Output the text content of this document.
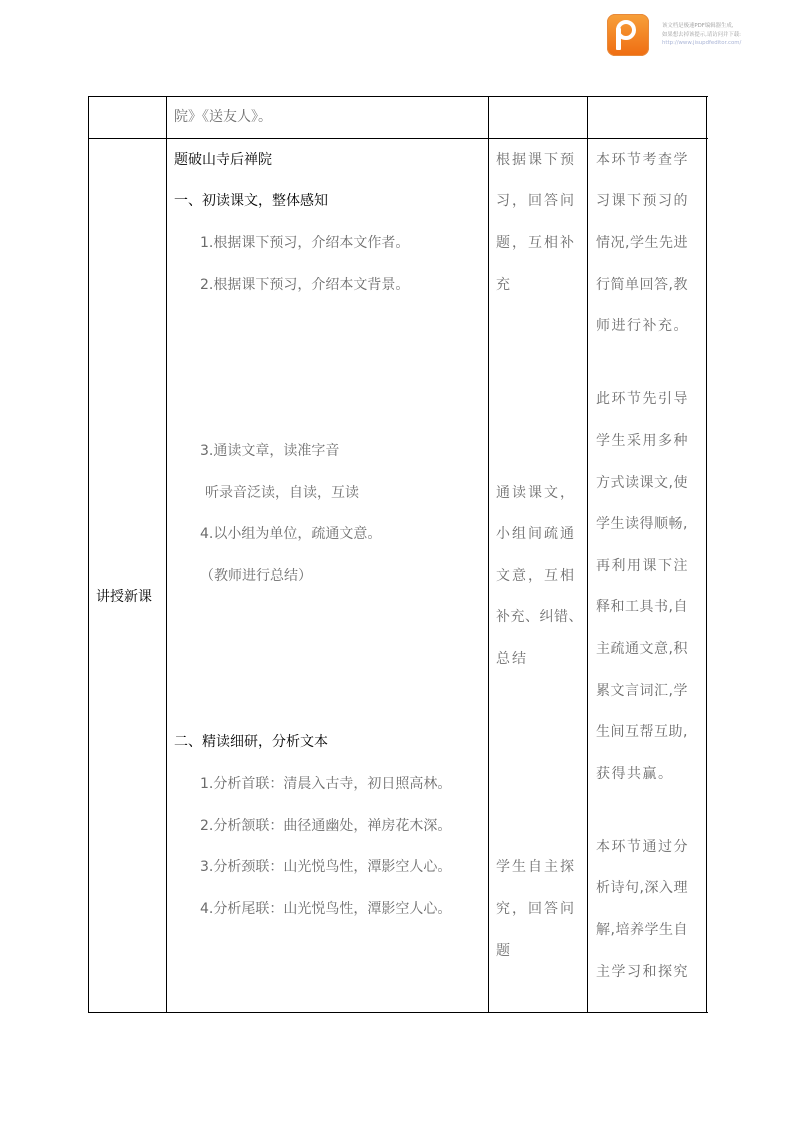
该文档是极速PDF编辑器生成,
如果想去掉该提示,请访问并下载:
http://www.jisupdfeditor.com/
院》《送友人》。
讲授新课
题破山寺后禅院
一、初读课文，整体感知
1.根据课下预习，介绍本文作者。
2.根据课下预习，介绍本文背景。
3.通读文章，读准字音
听录音泛读，自读，互读
4.以小组为单位，疏通文意。
（教师进行总结）
二、精读细研，分析文本
1.分析首联：清晨入古寺，初日照高林。
2.分析颔联：曲径通幽处，禅房花木深。
3.分析颈联：山光悦鸟性，潭影空人心。
4.分析尾联：山光悦鸟性，潭影空人心。
根据课下预
习，回答问
题，互相补
充
通读课文，
小组间疏通
文意，互相
补充、纠错、
总结
学生自主探
究，回答问
题
本环节考查学
习课下预习的
情况,学生先进
行简单回答,教
师进行补充。
此环节先引导
学生采用多种
方式读课文,使
学生读得顺畅,
再利用课下注
释和工具书,自
主疏通文意,积
累文言词汇,学
生间互帮互助,
获得共赢。
本环节通过分
析诗句,深入理
解,培养学生自
主学习和探究
